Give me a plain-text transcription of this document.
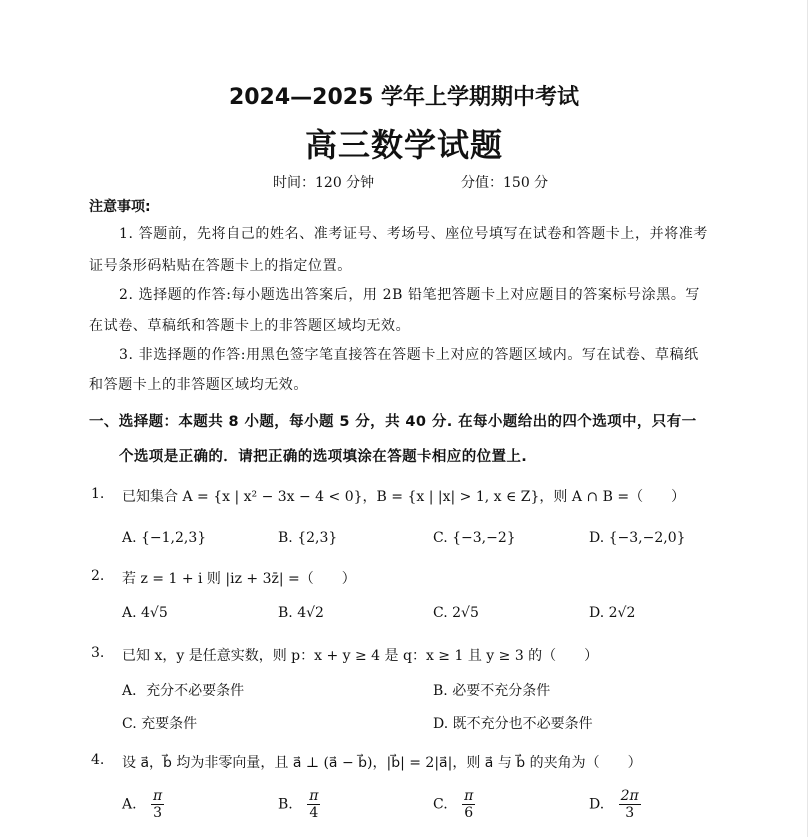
2024—2025 学年上学期期中考试
高三数学试题
时间：120 分钟	分值：150 分
注意事项:
1. 答题前，先将自己的姓名、准考证号、考场号、座位号填写在试卷和答题卡上，并将准考
证号条形码粘贴在答题卡上的指定位置。
2. 选择题的作答:每小题选出答案后，用 2B 铅笔把答题卡上对应题目的答案标号涂黑。写
在试卷、草稿纸和答题卡上的非答题区域均无效。
3. 非选择题的作答:用黑色签字笔直接答在答题卡上对应的答题区域内。写在试卷、草稿纸
和答题卡上的非答题区域均无效。
一、选择题：本题共 8 小题，每小题 5 分，共 40 分. 在每小题给出的四个选项中，只有一
个选项是正确的．请把正确的选项填涂在答题卡相应的位置上.
1. 已知集合 A = {x | x² − 3x − 4 < 0}，B = {x | |x| > 1, x ∈ Z}，则 A ∩ B =（　　）
A. {−1,2,3}	B. {2,3}	C. {−3,−2}	D. {−3,−2,0}
2. 若 z = 1 + i 则 |iz + 3z̄| =（　　）
A. 4√5	B. 4√2	C. 2√5	D. 2√2
3. 已知 x，y 是任意实数，则 p：x + y ≥ 4 是 q：x ≥ 1 且 y ≥ 3 的（　　）
A．充分不必要条件	B. 必要不充分条件
C. 充要条件	D. 既不充分也不必要条件
4. 设 a⃗，b⃗ 均为非零向量，且 a⃗ ⊥ (a⃗ − b⃗)，|b⃗| = 2|a⃗|，则 a⃗ 与 b⃗ 的夹角为（　　）
A. $\frac{\pi}{3}$	B. $\frac{\pi}{4}$	C. $\frac{\pi}{6}$	D. $\frac{2\pi}{3}$
